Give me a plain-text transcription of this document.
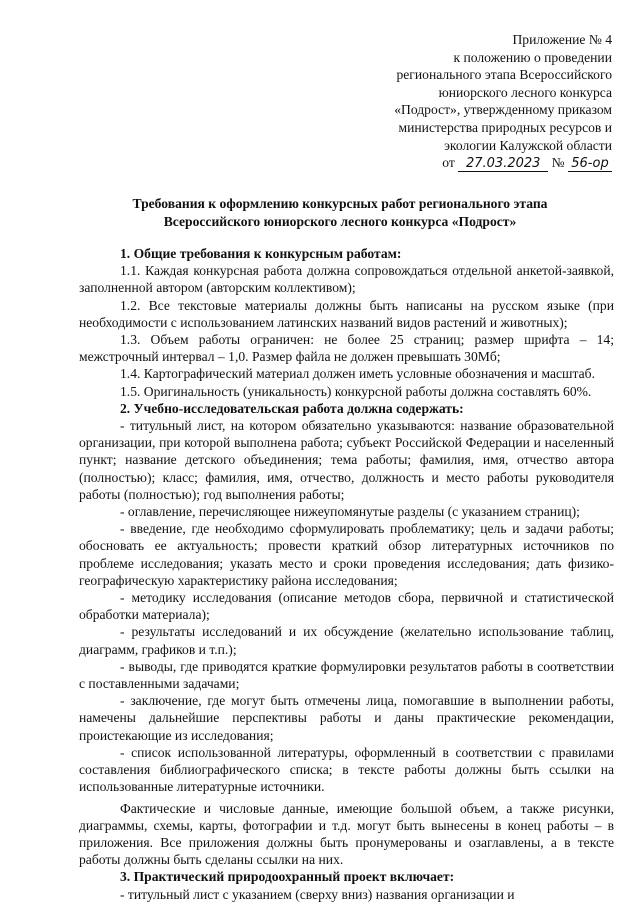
Приложение № 4
к положению о проведении
регионального этапа Всероссийского
юниорского лесного конкурса
«Подрост», утвержденному приказом
министерства природных ресурсов и
экологии Калужской области
от 27.03.2023 № 56-ор
Требования к оформлению конкурсных работ регионального этапа
Всероссийского юниорского лесного конкурса «Подрост»
1. Общие требования к конкурсным работам:
1.1. Каждая конкурсная работа должна сопровождаться отдельной анкетой-заявкой, заполненной автором (авторским коллективом);
1.2. Все текстовые материалы должны быть написаны на русском языке (при необходимости с использованием латинских названий видов растений и животных);
1.3. Объем работы ограничен: не более 25 страниц; размер шрифта – 14; межстрочный интервал – 1,0. Размер файла не должен превышать 30Мб;
1.4. Картографический материал должен иметь условные обозначения и масштаб.
1.5. Оригинальность (уникальность) конкурсной работы должна составлять 60%.
2. Учебно-исследовательская работа должна содержать:
- титульный лист, на котором обязательно указываются: название образовательной организации, при которой выполнена работа; субъект Российской Федерации и населенный пункт; название детского объединения; тема работы; фамилия, имя, отчество автора (полностью); класс; фамилия, имя, отчество, должность и место работы руководителя работы (полностью); год выполнения работы;
- оглавление, перечисляющее нижеупомянутые разделы (с указанием страниц);
- введение, где необходимо сформулировать проблематику; цель и задачи работы; обосновать ее актуальность; провести краткий обзор литературных источников по проблеме исследования; указать место и сроки проведения исследования; дать физико-географическую характеристику района исследования;
- методику исследования (описание методов сбора, первичной и статистической обработки материала);
- результаты исследований и их обсуждение (желательно использование таблиц, диаграмм, графиков и т.п.);
- выводы, где приводятся краткие формулировки результатов работы в соответствии с поставленными задачами;
- заключение, где могут быть отмечены лица, помогавшие в выполнении работы, намечены дальнейшие перспективы работы и даны практические рекомендации, проистекающие из исследования;
- список использованной литературы, оформленный в соответствии с правилами составления библиографического списка; в тексте работы должны быть ссылки на использованные литературные источники.
Фактические и числовые данные, имеющие большой объем, а также рисунки, диаграммы, схемы, карты, фотографии и т.д. могут быть вынесены в конец работы – в приложения. Все приложения должны быть пронумерованы и озаглавлены, а в тексте работы должны быть сделаны ссылки на них.
3. Практический природоохранный проект включает:
- титульный лист с указанием (сверху вниз) названия организации и
